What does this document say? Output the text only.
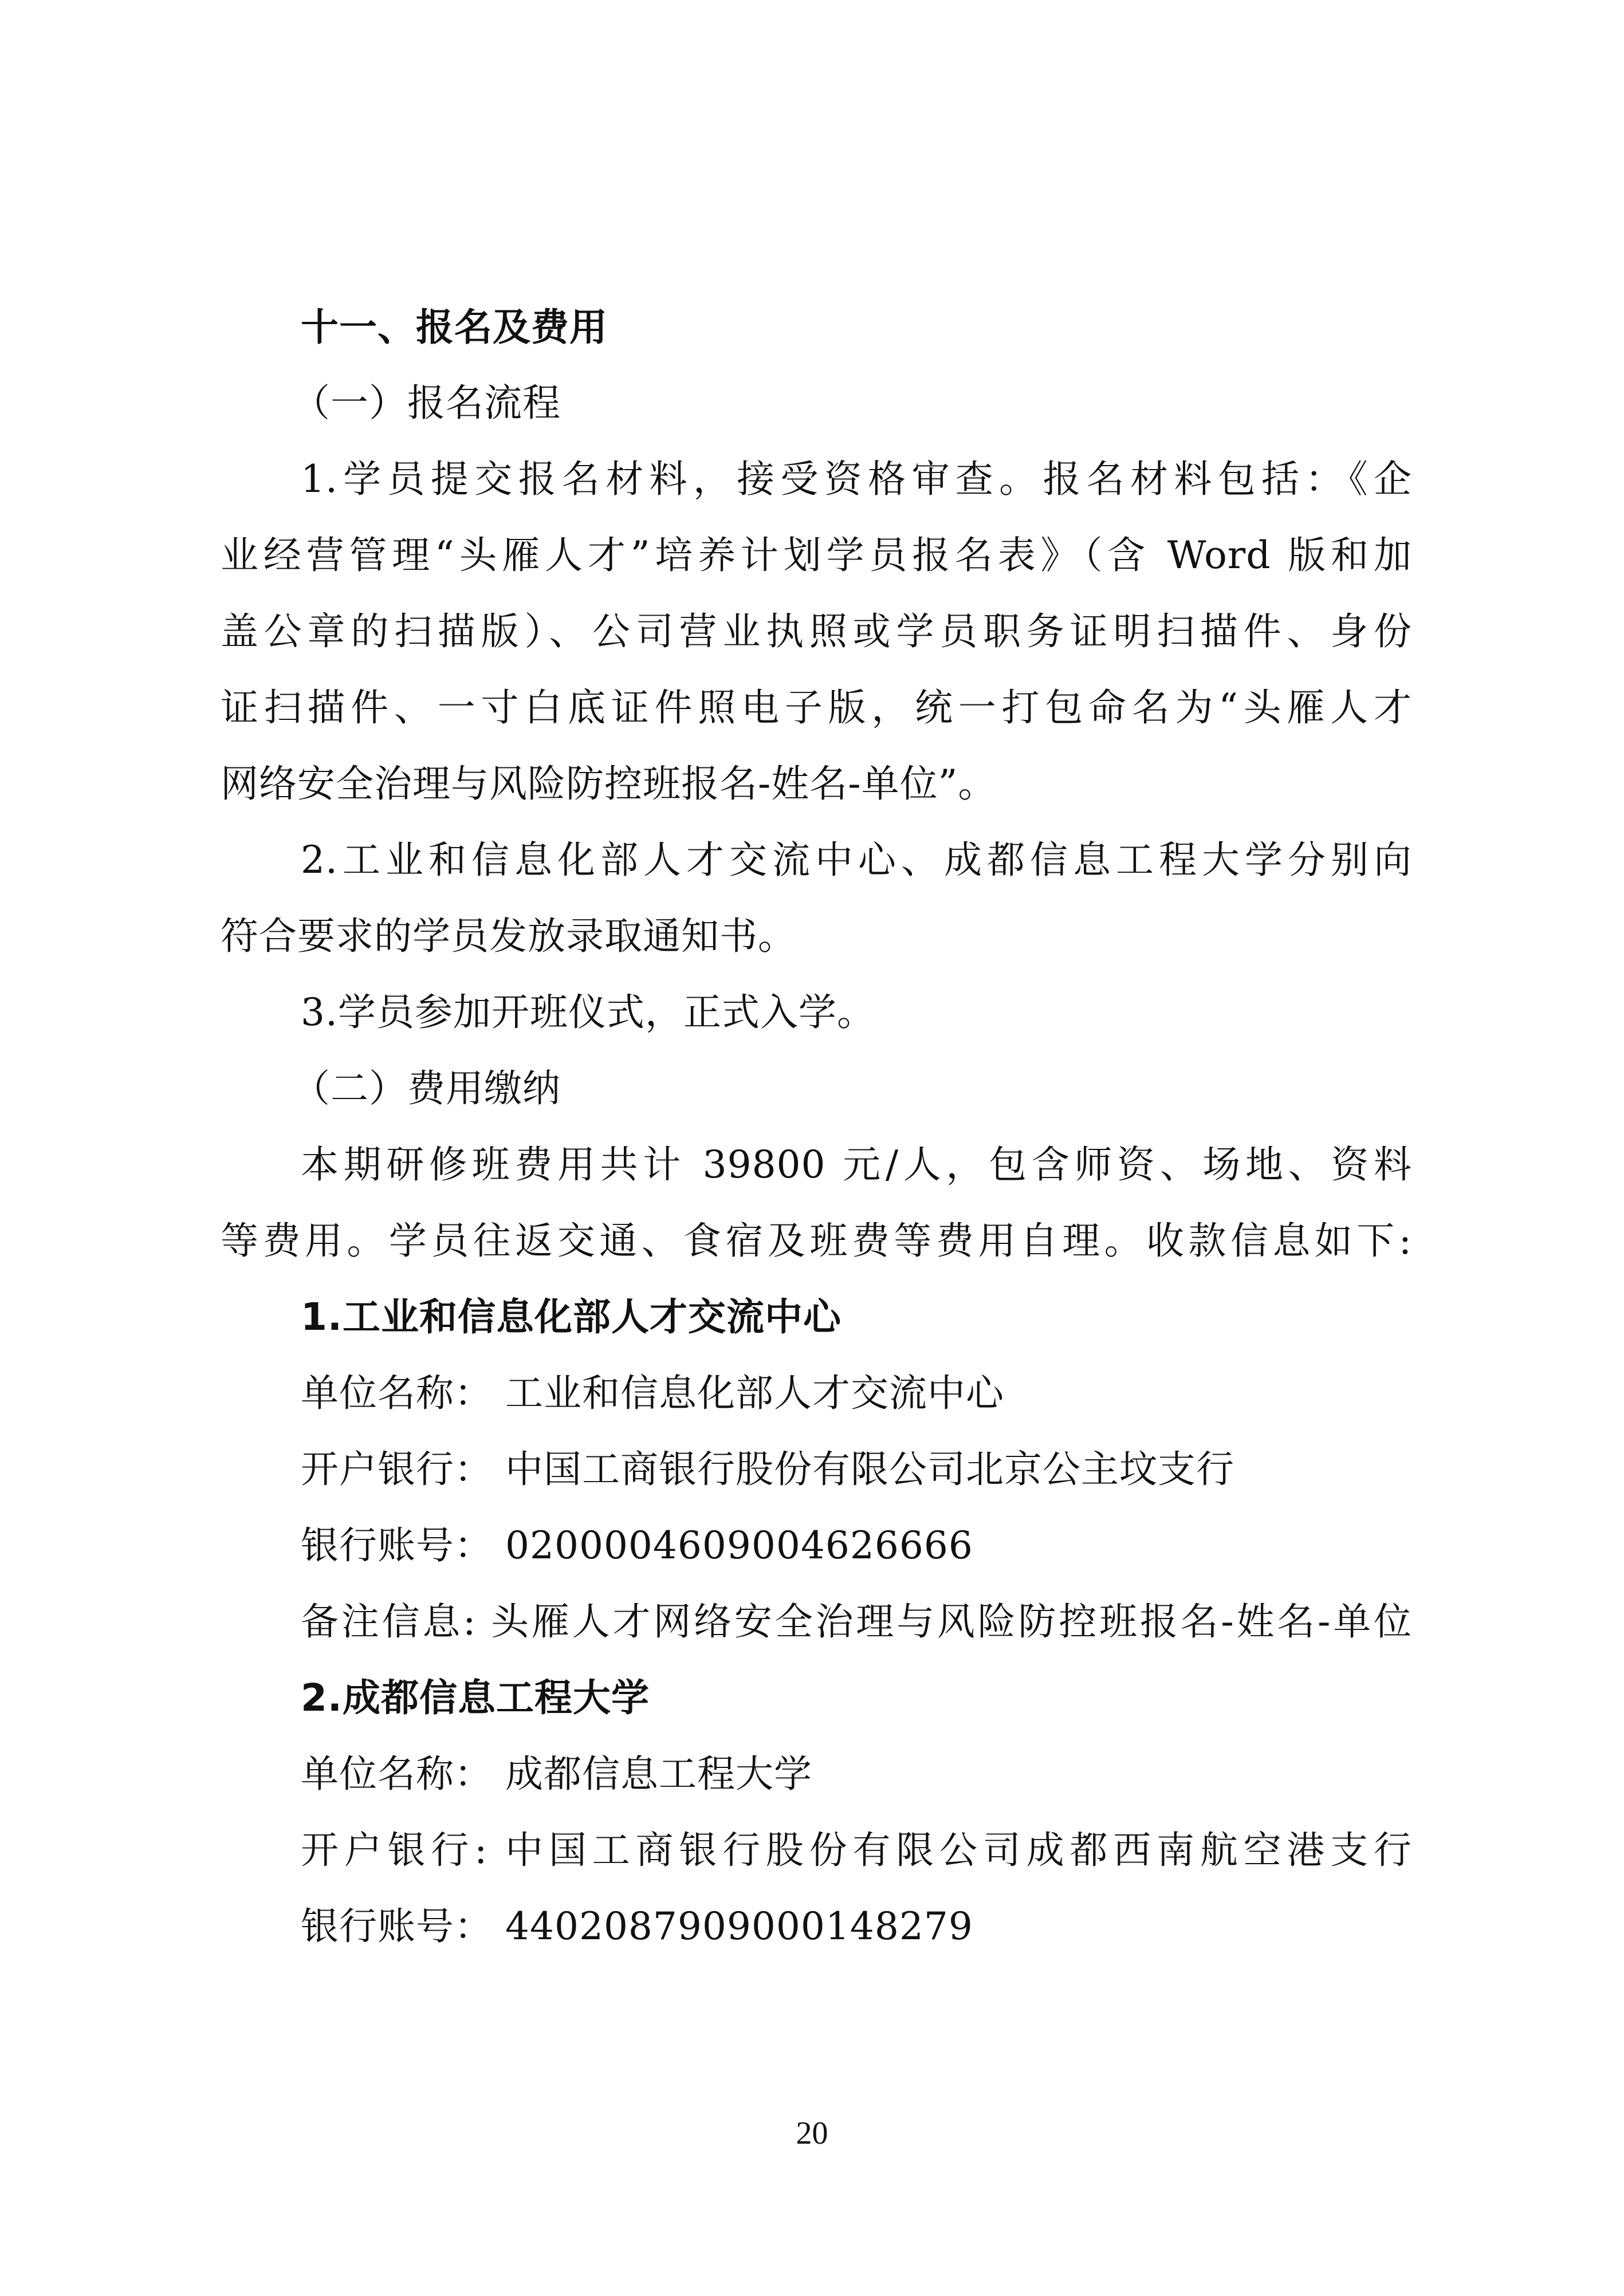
十一、报名及费用
（一）报名流程
1.学员提交报名材料，接受资格审查。报名材料包括：《企
业经营管理“头雁人才”培养计划学员报名表》（含 Word 版和加
盖公章的扫描版）、公司营业执照或学员职务证明扫描件、身份
证扫描件、一寸白底证件照电子版，统一打包命名为“头雁人才
网络安全治理与风险防控班报名-姓名-单位”。
2.工业和信息化部人才交流中心、成都信息工程大学分别向
符合要求的学员发放录取通知书。
3.学员参加开班仪式，正式入学。
（二）费用缴纳
本期研修班费用共计 39800 元/人，包含师资、场地、资料
等费用。学员往返交通、食宿及班费等费用自理。收款信息如下:
1.工业和信息化部人才交流中心
单位名称： 工业和信息化部人才交流中心
开户银行： 中国工商银行股份有限公司北京公主坟支行
银行账号： 0200004609004626666
备注信息: 头雁人才网络安全治理与风险防控班报名-姓名-单位
2.成都信息工程大学
单位名称： 成都信息工程大学
开户银行: 中国工商银行股份有限公司成都西南航空港支行
银行账号： 4402087909000148279
20
